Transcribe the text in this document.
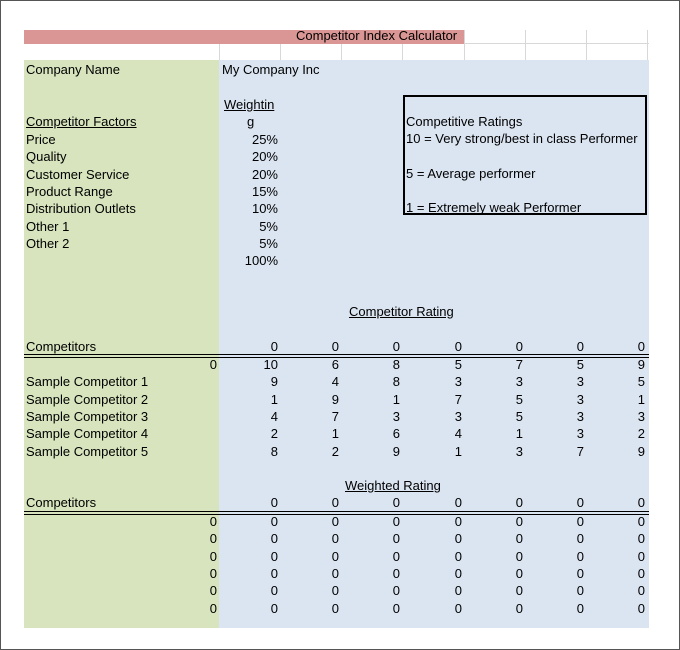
Competitor Index Calculator
Company Name	My Company Inc
Weightin
g
Competitor Factors
Price	25%
Quality	20%
Customer Service	20%
Product Range	15%
Distribution Outlets	10%
Other 1	5%
Other 2	5%
100%
Competitive Ratings
10 = Very strong/best in class Performer
5 = Average performer
1 = Extremely weak Performer
Competitor Rating
Competitors	0	0	0	0	0	0	0
0	10	6	8	5	7	5	9
Sample Competitor 1	9	4	8	3	3	3	5
Sample Competitor 2	1	9	1	7	5	3	1
Sample Competitor 3	4	7	3	3	5	3	3
Sample Competitor 4	2	1	6	4	1	3	2
Sample Competitor 5	8	2	9	1	3	7	9
Weighted Rating
Competitors	0	0	0	0	0	0	0
0	0	0	0	0	0	0	0
0	0	0	0	0	0	0	0
0	0	0	0	0	0	0	0
0	0	0	0	0	0	0	0
0	0	0	0	0	0	0	0
0	0	0	0	0	0	0	0
